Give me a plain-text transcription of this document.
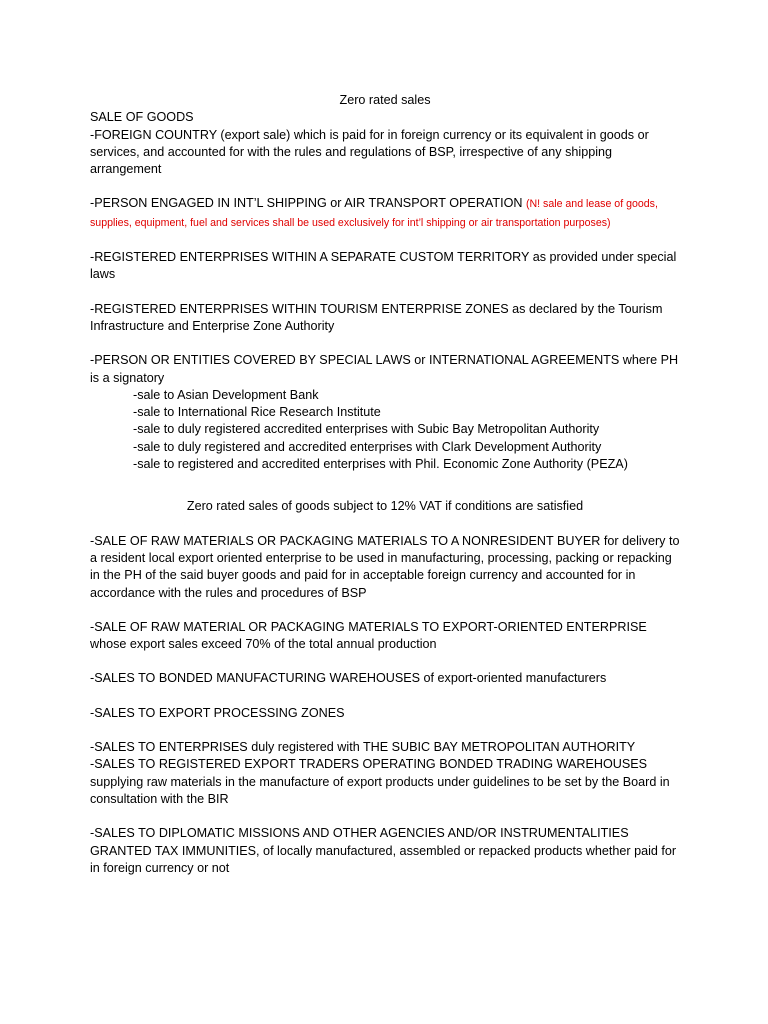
Zero rated sales

SALE OF GOODS

-FOREIGN COUNTRY (export sale) which is paid for in foreign currency or its equivalent in goods or services, and accounted for with the rules and regulations of BSP, irrespective of any shipping arrangement

-PERSON ENGAGED IN INT’L SHIPPING or AIR TRANSPORT OPERATION (N! sale and lease of goods, supplies, equipment, fuel and services shall be used exclusively for int’l shipping or air transportation purposes)

-REGISTERED ENTERPRISES WITHIN A SEPARATE CUSTOM TERRITORY as provided under special laws

-REGISTERED ENTERPRISES WITHIN TOURISM ENTERPRISE ZONES as declared by the Tourism Infrastructure and Enterprise Zone Authority

-PERSON OR ENTITIES COVERED BY SPECIAL LAWS or INTERNATIONAL AGREEMENTS where PH is a signatory

-sale to Asian Development Bank
-sale to International Rice Research Institute
-sale to duly registered accredited enterprises with Subic Bay Metropolitan Authority
-sale to duly registered and accredited enterprises with Clark Development Authority
-sale to registered and accredited enterprises with Phil. Economic Zone Authority (PEZA)

Zero rated sales of goods subject to 12% VAT if conditions are satisfied

-SALE OF RAW MATERIALS OR PACKAGING MATERIALS TO A NONRESIDENT BUYER for delivery to a resident local export oriented enterprise to be used in manufacturing, processing, packing or repacking in the PH of the said buyer goods and paid for in acceptable foreign currency and accounted for in accordance with the rules and procedures of BSP

-SALE OF RAW MATERIAL OR PACKAGING MATERIALS TO EXPORT-ORIENTED ENTERPRISE whose export sales exceed 70% of the total annual production

-SALES TO BONDED MANUFACTURING WAREHOUSES of export-oriented manufacturers

-SALES TO EXPORT PROCESSING ZONES

-SALES TO ENTERPRISES duly registered with THE SUBIC BAY METROPOLITAN AUTHORITY

-SALES TO REGISTERED EXPORT TRADERS OPERATING BONDED TRADING WAREHOUSES supplying raw materials in the manufacture of export products under guidelines to be set by the Board in consultation with the BIR

-SALES TO DIPLOMATIC MISSIONS AND OTHER AGENCIES AND/OR INSTRUMENTALITIES GRANTED TAX IMMUNITIES, of locally manufactured, assembled or repacked products whether paid for in foreign currency or not
